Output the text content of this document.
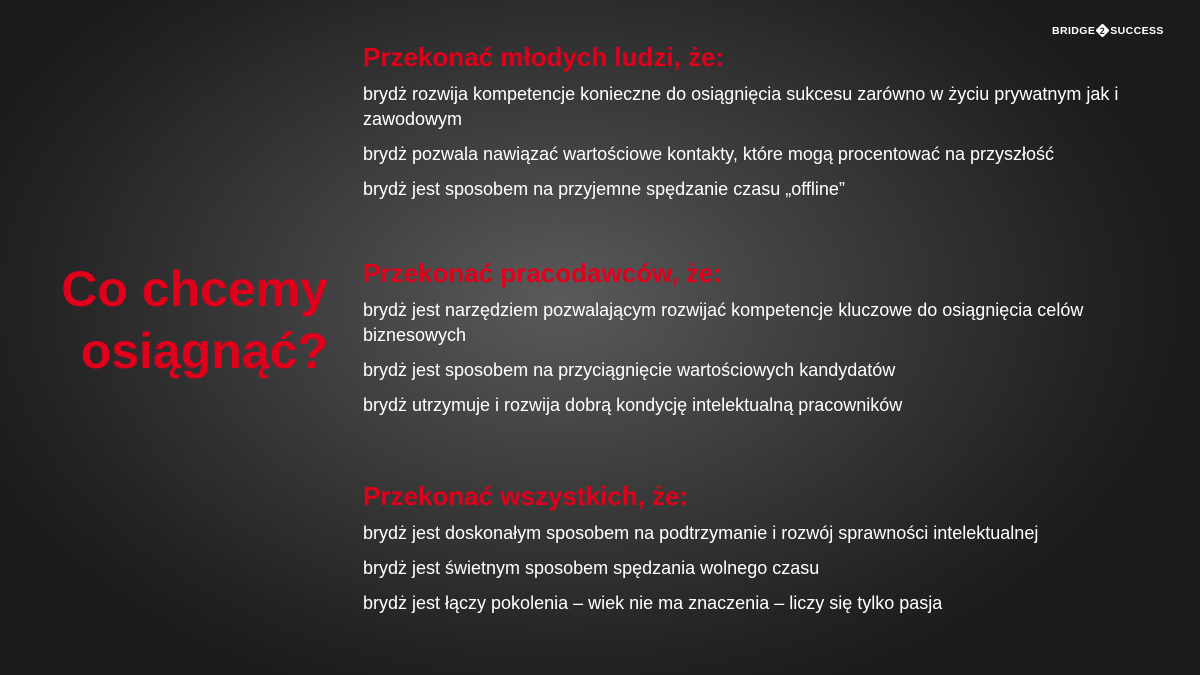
BRIDGE 2 SUCCESS
Co chcemy
osiągnąć?
Przekonać młodych ludzi, że:
brydż rozwija kompetencje konieczne do osiągnięcia sukcesu zarówno w życiu prywatnym jak i zawodowym
brydż pozwala nawiązać wartościowe kontakty, które mogą procentować na przyszłość
brydż jest sposobem na przyjemne spędzanie czasu „offline”
Przekonać pracodawców, że:
brydż jest narzędziem pozwalającym rozwijać kompetencje kluczowe do osiągnięcia celów biznesowych
brydż jest sposobem na przyciągnięcie wartościowych kandydatów
brydż utrzymuje i rozwija dobrą kondycję intelektualną pracowników
Przekonać wszystkich, że:
brydż jest doskonałym sposobem na podtrzymanie i rozwój sprawności intelektualnej
brydż jest świetnym sposobem spędzania wolnego czasu
brydż jest łączy pokolenia – wiek nie ma znaczenia – liczy się tylko pasja
